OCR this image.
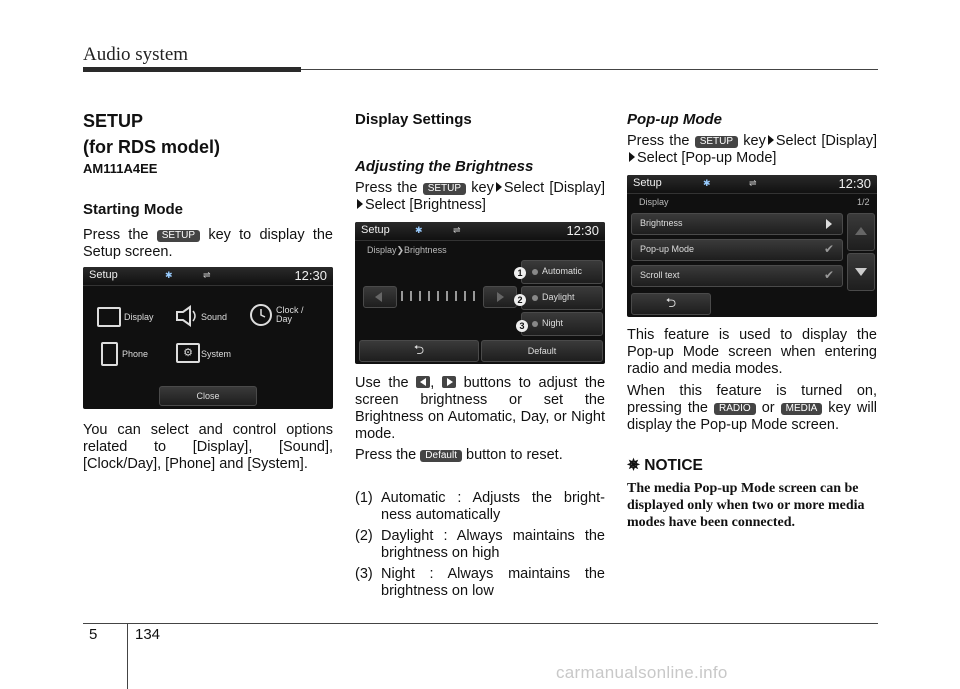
Audio system
SETUP
(for RDS model)
AM111A4EE
Starting Mode
Press the SETUP key to display the Setup screen.
Setup	✱	⇌	12:30
Display	Sound
Clock /
Day
Phone	⚙ System
Close
You can select and control options related to [Display], [Sound], [Clock/Day], [Phone] and [System].
Display Settings
Adjusting the Brightness
Press the SETUP key Select [Display]Select [Brightness]
Setup	✱	⇌	12:30
Display❯Brightness
Automatic
Daylight
Night
1
2
3
⮌	Default
Use the , buttons to adjust the screen brightness or set the Brightness on Automatic, Day, or Night mode.
Press the Default button to reset.
(1) Automatic : Adjusts the bright- ness automatically
(2) Daylight : Always maintains the brightness on high
(3) Night : Always maintains the brightness on low
Pop-up Mode
Press the SETUP key Select [Display]Select [Pop-up Mode]
Setup	✱	⇌	12:30
Display	1/2
Brightness
Pop-up Mode	✔
Scroll text	✔
⮌
This feature is used to display the Pop-up Mode screen when entering radio and media modes.
When this feature is turned on, pressing the RADIO or MEDIA key will display the Pop-up Mode screen.
✵ NOTICE
The media Pop-up Mode screen can be displayed only when two or more media modes have been connected.
5	134
carmanualsonline.info
